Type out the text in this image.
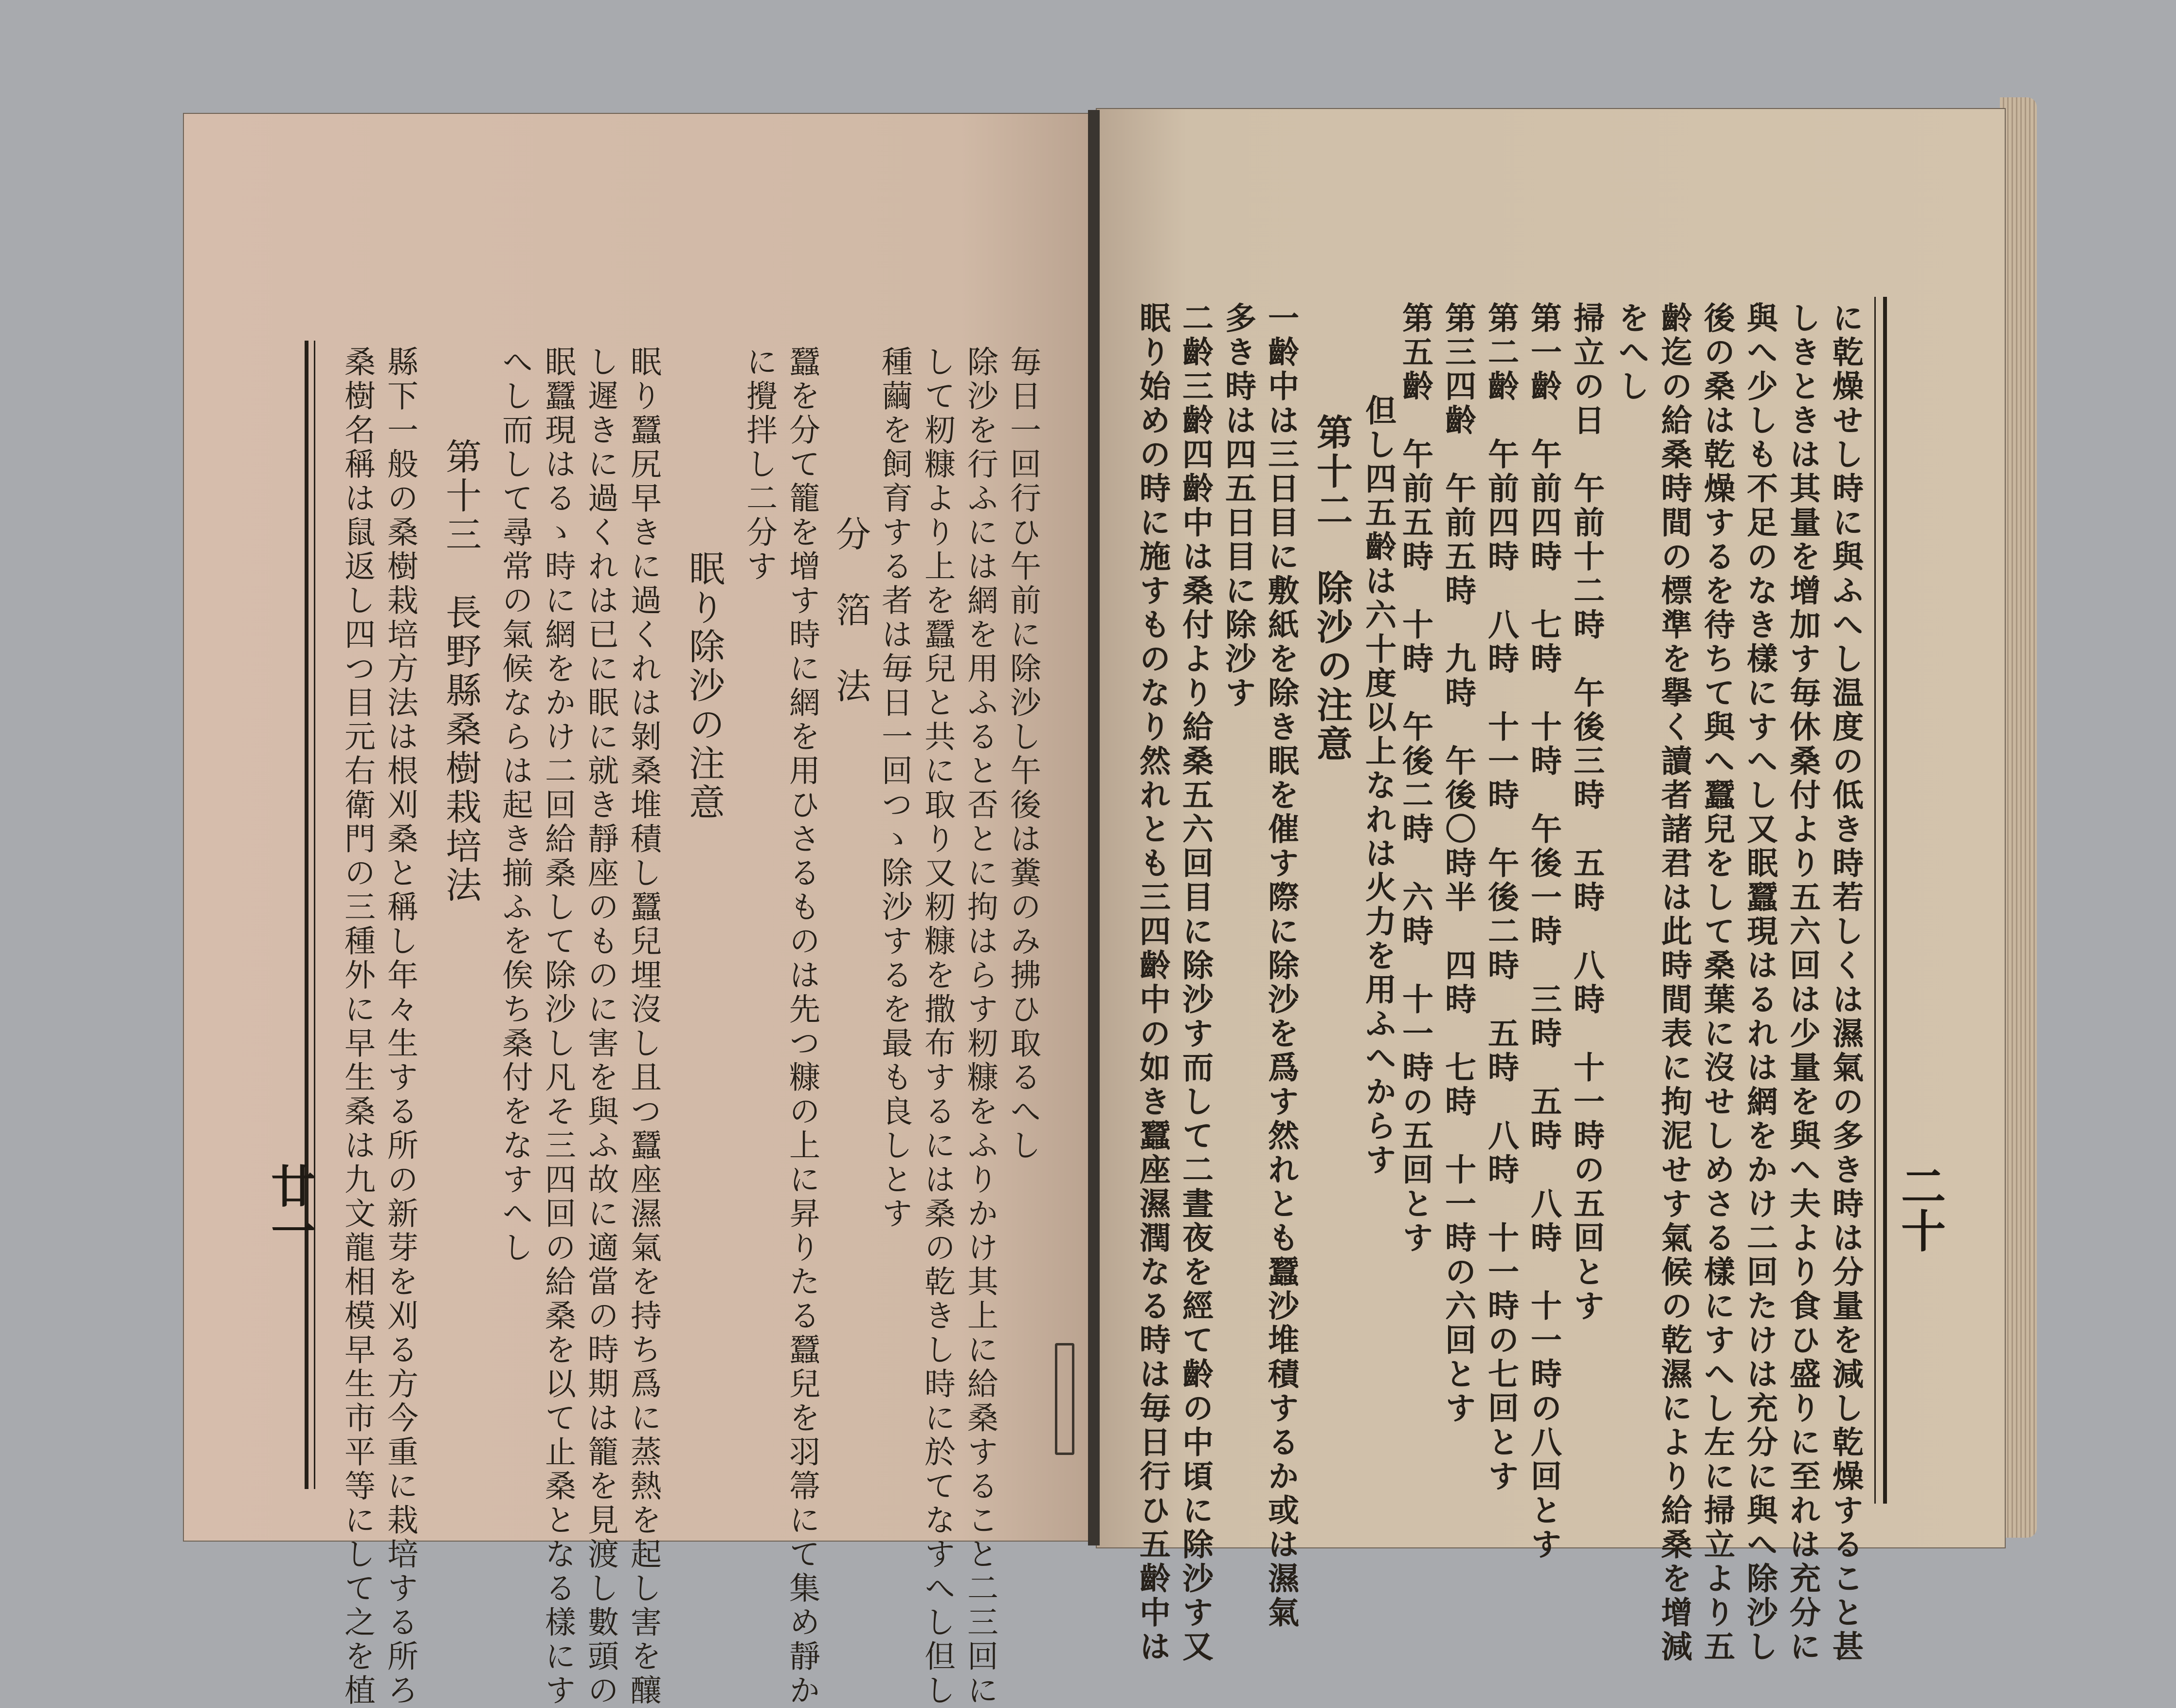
二十
に乾燥せし時に與ふへし温度の低き時若しくは濕氣の多き時は分量を減し乾燥すること甚
しきときは其量を增加す毎休桑付より五六回は少量を與へ夫より食ひ盛りに至れは充分に
與へ少しも不足のなき樣にすへし又眠蠶現はるれは網をかけ二回たけは充分に與へ除沙し
後の桑は乾燥するを待ちて與へ蠶兒をして桑葉に沒せしめさる樣にすへし左に掃立より五
齡迄の給桑時間の標準を擧く讀者諸君は此時間表に拘泥せす氣候の乾濕により給桑を增減
をへし
掃立の日　午前十二時　午後三時　五時　八時　十一時の五回とす
第一齡　午前四時　七時　十時　午後一時　三時　五時　八時　十一時の八回とす
第二齡　午前四時　八時　十一時　午後二時　五時　八時　十一時の七回とす
第三四齡　午前五時　九時　午後〇時半　四時　七時　十一時の六回とす
第五齡　午前五時　十時　午後二時　六時　十一時の五回とす
但し四五齡は六十度以上なれは火力を用ふへからす
第十二　除沙の注意
一齡中は三日目に敷紙を除き眠を催す際に除沙を爲す然れとも蠶沙堆積するか或は濕氣
多き時は四五日目に除沙す
二齡三齡四齡中は桑付より給桑五六回目に除沙す而して二晝夜を經て齡の中頃に除沙す又
眠り始めの時に施すものなり然れとも三四齡中の如き蠶座濕潤なる時は毎日行ひ五齡中は
廿一
毎日一回行ひ午前に除沙し午後は糞のみ拂ひ取るへし
除沙を行ふには網を用ふると否とに拘はらす籾糠をふりかけ其上に給桑すること二三回に
して籾糠より上を蠶兒と共に取り又籾糠を撒布するには桑の乾きし時に於てなすへし但し
種繭を飼育する者は毎日一回つゝ除沙するを最も良しとす
分　箔　法
蠶を分て籠を增す時に網を用ひさるものは先つ糠の上に昇りたる蠶兒を羽箒にて集め靜か
に攪拌し二分す
眠り除沙の注意
眠り蠶尻早きに過くれは剝桑堆積し蠶兒埋沒し且つ蠶座濕氣を持ち爲に蒸熱を起し害を釀
し遲きに過くれは已に眠に就き靜座のものに害を與ふ故に適當の時期は籠を見渡し數頭の
眠蠶現はるゝ時に網をかけ二回給桑して除沙し凡そ三四回の給桑を以て止桑となる樣にす
へし而して尋常の氣候ならは起き揃ふを俟ち桑付をなすへし
第十三　長野縣桑樹栽培法
縣下一般の桑樹栽培方法は根刈桑と稱し年々生する所の新芽を刈る方今重に栽培する所ろ
桑樹名稱は鼠返し四つ目元右衛門の三種外に早生桑は九文龍相模早生市平等にして之を植
